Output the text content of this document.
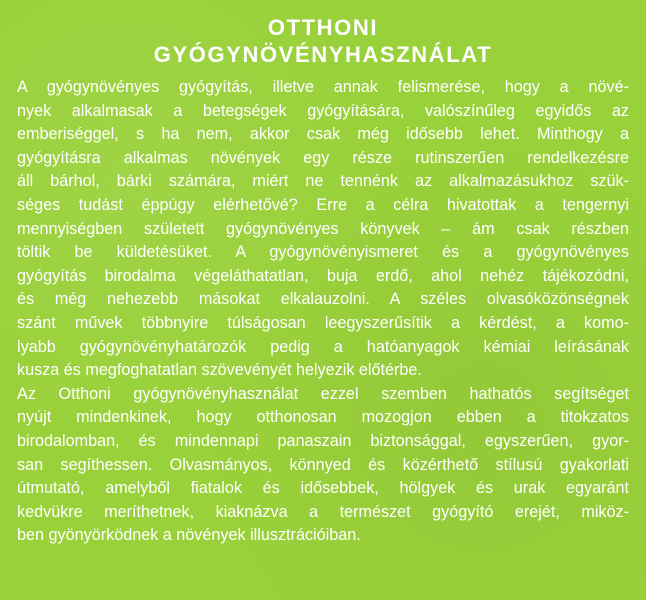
OTTHONI
GYÓGYNÖVÉNYHASZNÁLAT

A gyógynövényes gyógyítás, illetve annak felismerése, hogy a növé-
nyek alkalmasak a betegségek gyógyítására, valószínűleg egyidős az
emberiséggel, s ha nem, akkor csak még idősebb lehet. Minthogy a
gyógyításra alkalmas növények egy része rutinszerűen rendelkezésre
áll bárhol, bárki számára, miért ne tennénk az alkalmazásukhoz szük-
séges tudást éppúgy elérhetővé? Erre a célra hivatottak a tengernyi
mennyiségben született gyógynövényes könyvek – ám csak részben
töltik be küldetésüket. A gyógynövényismeret és a gyógynövényes
gyógyítás birodalma végeláthatatlan, buja erdő, ahol nehéz tájékozódni,
és még nehezebb másokat elkalauzolni. A széles olvasóközönségnek
szánt művek többnyire túlságosan leegyszerűsítik a kérdést, a komo-
lyabb gyógynövényhatározók pedig a hatóanyagok kémiai leírásának
kusza és megfoghatatlan szövevényét helyezik előtérbe.

Az Otthoni gyógynövényhasználat ezzel szemben hathatós segítséget
nyújt mindenkinek, hogy otthonosan mozogjon ebben a titokzatos
birodalomban, és mindennapi panaszain biztonsággal, egyszerűen, gyor-
san segíthessen. Olvasmányos, könnyed és közérthető stílusú gyakorlati
útmutató, amelyből fiatalok és idősebbek, hölgyek és urak egyaránt
kedvükre meríthetnek, kiaknázva a természet gyógyító erejét, miköz-
ben gyönyörködnek a növények illusztrációiban.
